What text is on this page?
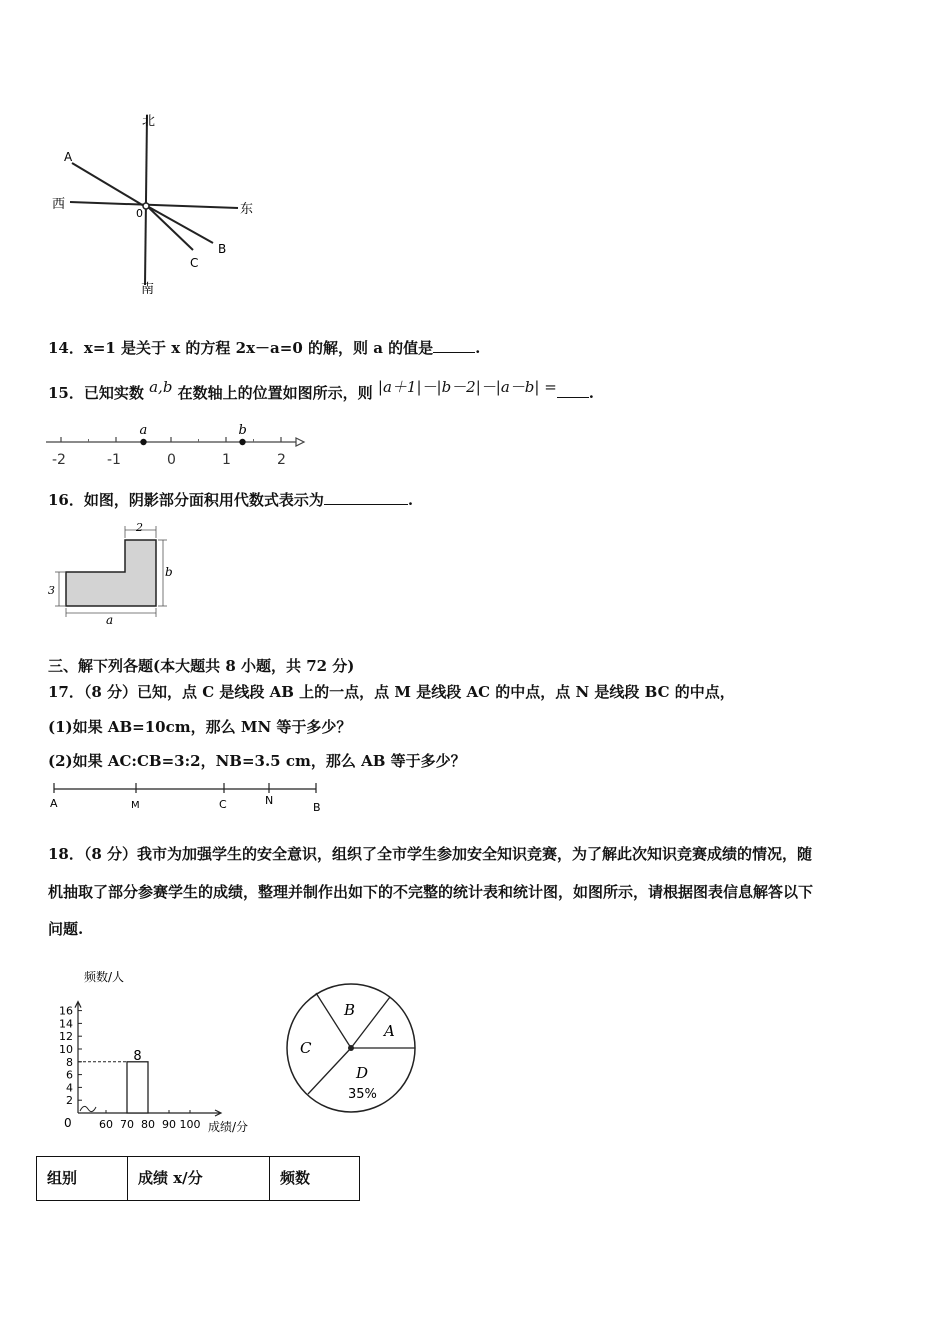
北
南
西	东
0
A
B
C
14．x=1 是关于 x 的方程 2x－a=0 的解，则 a 的值是	.
15．已知实数 a,b 在数轴上的位置如图所示，则 |a＋1|－|b－2|－|a－b| = .
-2	-1	0	1	2
a	b
16．如图，阴影部分面积用代数式表示为	.
2
3
b
a
三、解下列各题(本大题共 8 小题，共 72 分)
17．（8 分）已知，点 C 是线段 AB 上的一点，点 M 是线段 AC 的中点，点 N 是线段 BC 的中点，
(1)如果 AB=10cm，那么 MN 等于多少？
(2)如果 AC:CB=3:2，NB=3.5 cm，那么 AB 等于多少？
A	M	C	N
B
18．（8 分）我市为加强学生的安全意识，组织了全市学生参加安全知识竞赛，为了解此次知识竞赛成绩的情况，随
机抽取了部分参赛学生的成绩，整理并制作出如下的不完整的统计表和统计图，如图所示，请根据图表信息解答以下
问题.
2
4
6
8
10
12
14
16
0 60 70 80 90 100
频数/人
成绩/分
8
A
B
C
D
35%
组别	成绩 x/分	频数
